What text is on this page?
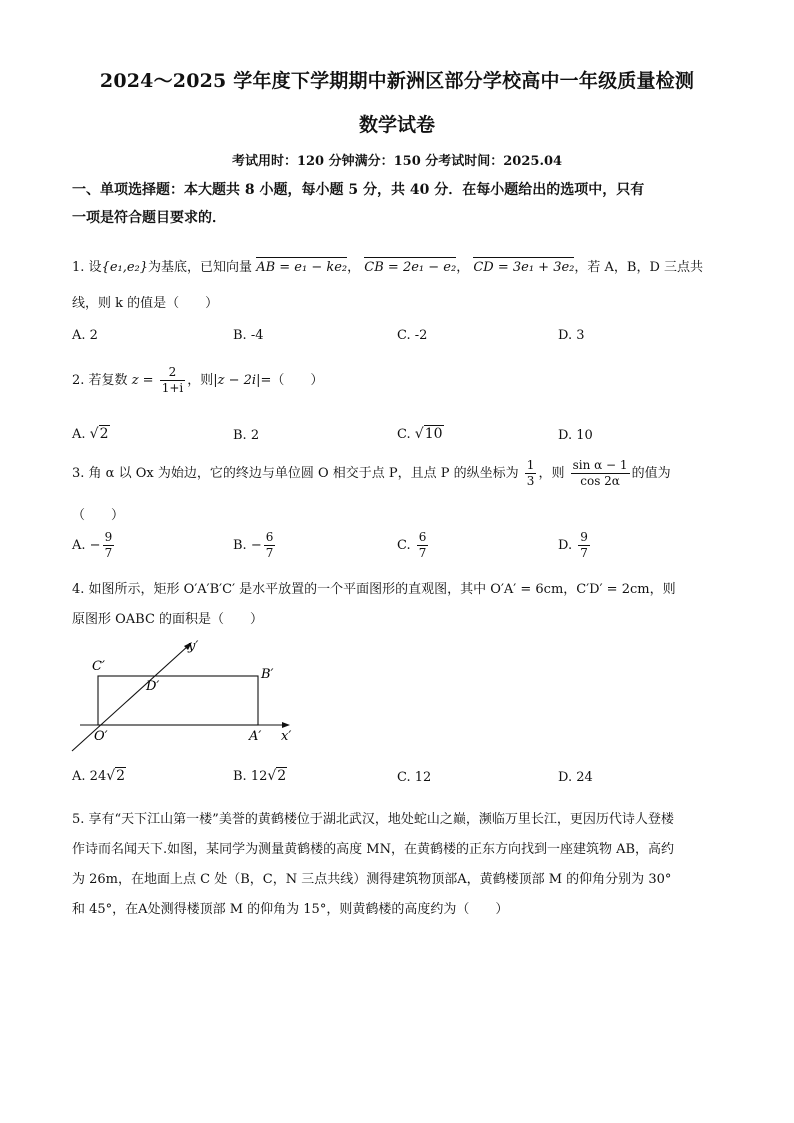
2024～2025 学年度下学期期中新洲区部分学校高中一年级质量检测
数学试卷
考试用时：120 分钟满分：150 分考试时间：2025.04
一、单项选择题：本大题共 8 小题，每小题 5 分，共 40 分．在每小题给出的选项中，只有
一项是符合题目要求的．
1. 设{e₁,e₂}为基底，已知向量 AB = e₁ − ke₂， CB = 2e₁ − e₂， CD = 3e₁ + 3e₂，若 A，B，D 三点共
线，则 k 的值是（　　）
A. 2	B. -4	C. -2	D. 3
2. 若复数 $z = \frac{2}{1+i}$ ，则|z − 2i|=（　　）
A. √2	B. 2	C. √10	D. 10
3. 角 α 以 Ox 为始边，它的终边与单位圆 O 相交于点 P，且点 P 的纵坐标为 $\frac{1}{3}$ ，则 $\frac{\text{sin α − 1}}{\cos 2\alpha}$ 的值为
（　　）
A. − $\frac{9}{7}$	B. − $\frac{6}{7}$	C. $\frac{6}{7}$	D. $\frac{9}{7}$
4. 如图所示，矩形 O′A′B′C′ 是水平放置的一个平面图形的直观图，其中 O′A′ = 6cm，C′D′ = 2cm，则
原图形 OABC 的面积是（　　）
C′
B′
D′
O′	A′ x′
y′
A. 24√2	B. 12√2	C. 12	D. 24
5. 享有“天下江山第一楼”美誉的黄鹤楼位于湖北武汉，地处蛇山之巅，濒临万里长江，更因历代诗人登楼
作诗而名闻天下.如图，某同学为测量黄鹤楼的高度 MN，在黄鹤楼的正东方向找到一座建筑物 AB，高约
为 26m，在地面上点 C 处（B，C，N 三点共线）测得建筑物顶部A，黄鹤楼顶部 M 的仰角分别为 30°
和 45°，在A处测得楼顶部 M 的仰角为 15°，则黄鹤楼的高度约为（　　）
